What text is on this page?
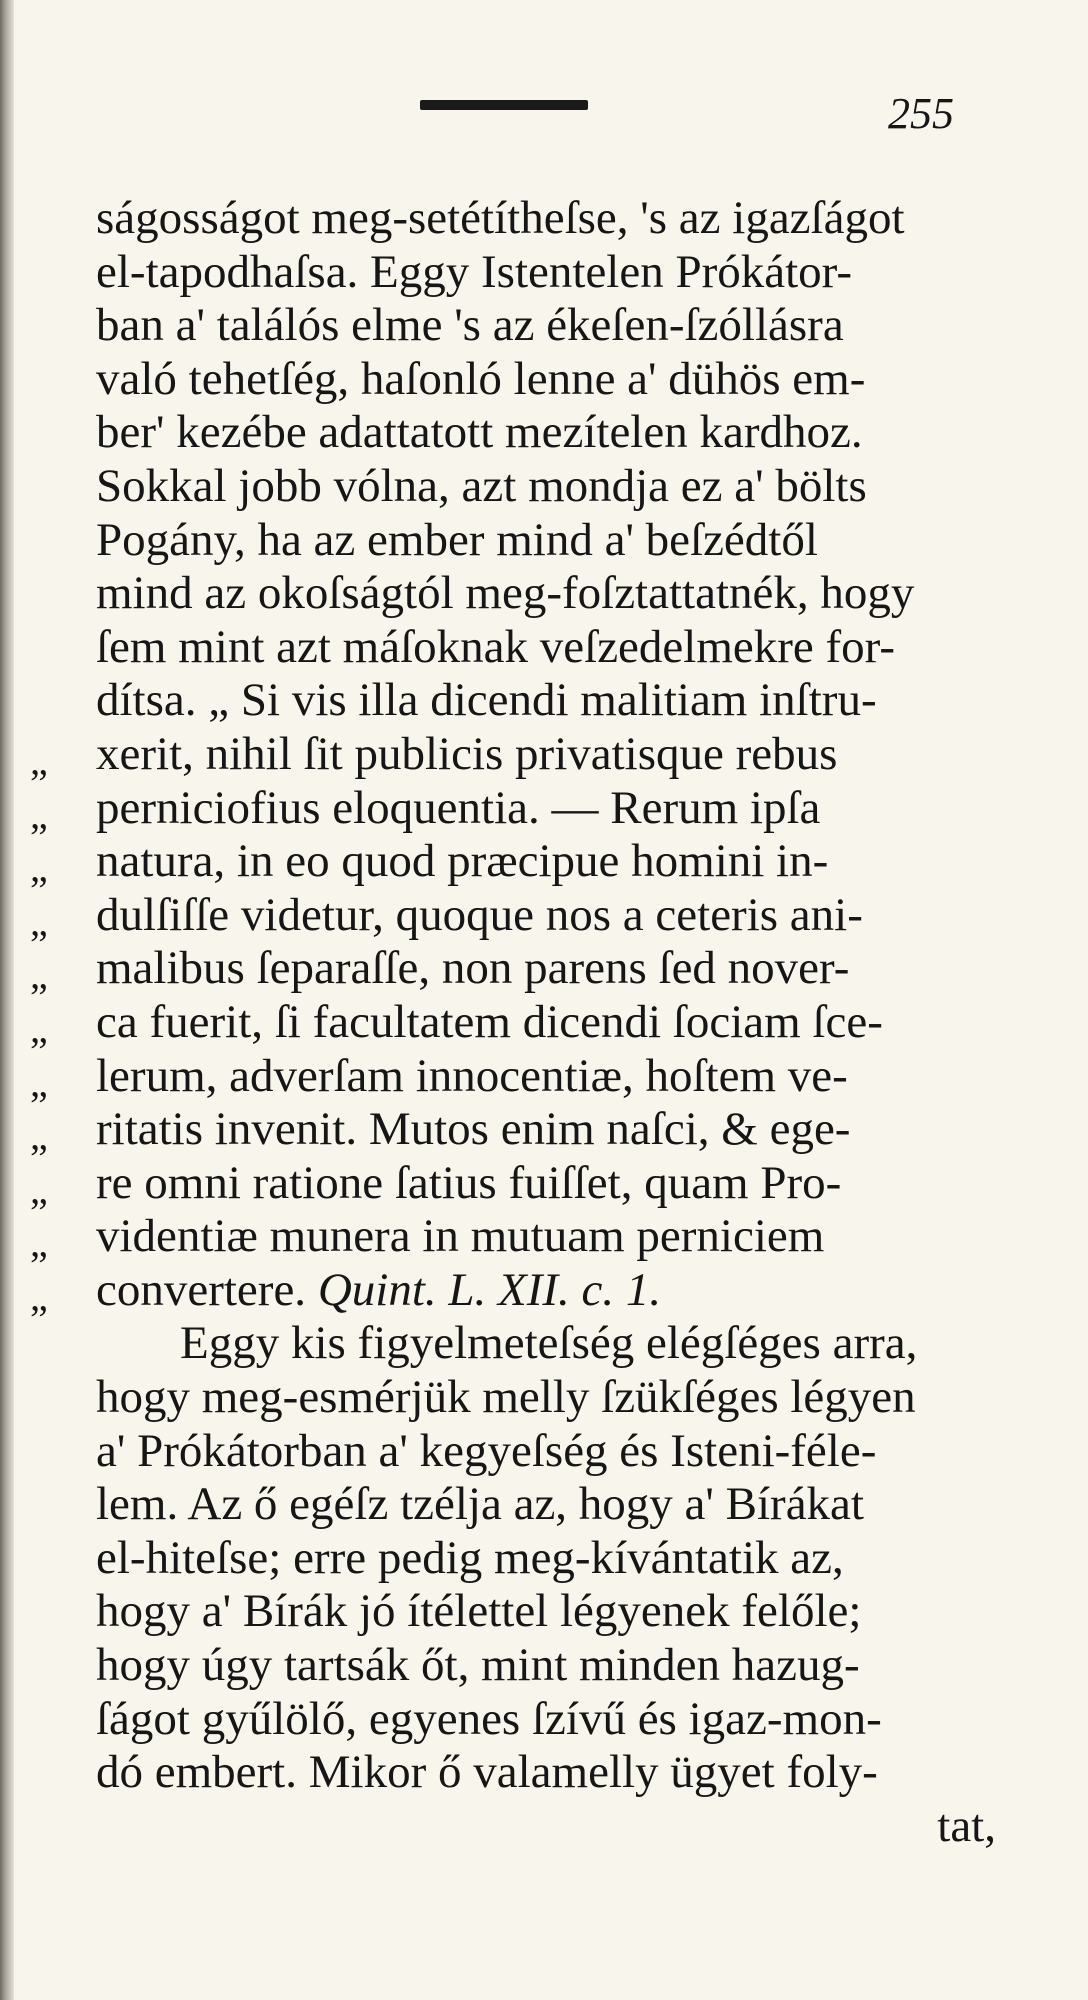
255
ságosságot meg-setétítheſse, 's az igazſágot
el-tapodhaſsa. Eggy Istentelen Prókátor-
ban a' találós elme 's az ékeſen-ſzóllásra
való tehetſég, haſonló lenne a' dühös em-
ber' kezébe adattatott mezítelen kardhoz.
Sokkal jobb vólna, azt mondja ez a' bölts
Pogány, ha az ember mind a' beſzédtől
mind az okoſságtól meg-foſztattatnék, hogy
ſem mint azt máſoknak veſzedelmekre for-
dítsa. „ Si vis illa dicendi malitiam inſtru-
„ xerit, nihil ſit publicis privatisque rebus
„ perniciofius eloquentia. — Rerum ipſa
„ natura, in eo quod præcipue homini in-
„ dulſiſſe videtur, quoque nos a ceteris ani-
„ malibus ſeparaſſe, non parens ſed nover-
„ ca fuerit, ſi facultatem dicendi ſociam ſce-
„ lerum, adverſam innocentiæ, hoſtem ve-
„ ritatis invenit. Mutos enim naſci, & ege-
„ re omni ratione ſatius fuiſſet, quam Pro-
„ videntiæ munera in mutuam perniciem
„ convertere.
Quint. L. XII. c. 1.
Eggy kis figyelmeteſség elégſéges arra,
hogy meg-esmérjük melly ſzükſéges légyen
a' Prókátorban a' kegyeſség és Isteni-féle-
lem. Az ő egéſz tzélja az, hogy a' Bírákat
el-hiteſse; erre pedig meg-kívántatik az,
hogy a' Bírák jó ítélettel légyenek felőle;
hogy úgy tartsák őt, mint minden hazug-
ſágot gyűlölő, egyenes ſzívű és igaz-mon-
dó embert. Mikor ő valamelly ügyet foly-
tat,
